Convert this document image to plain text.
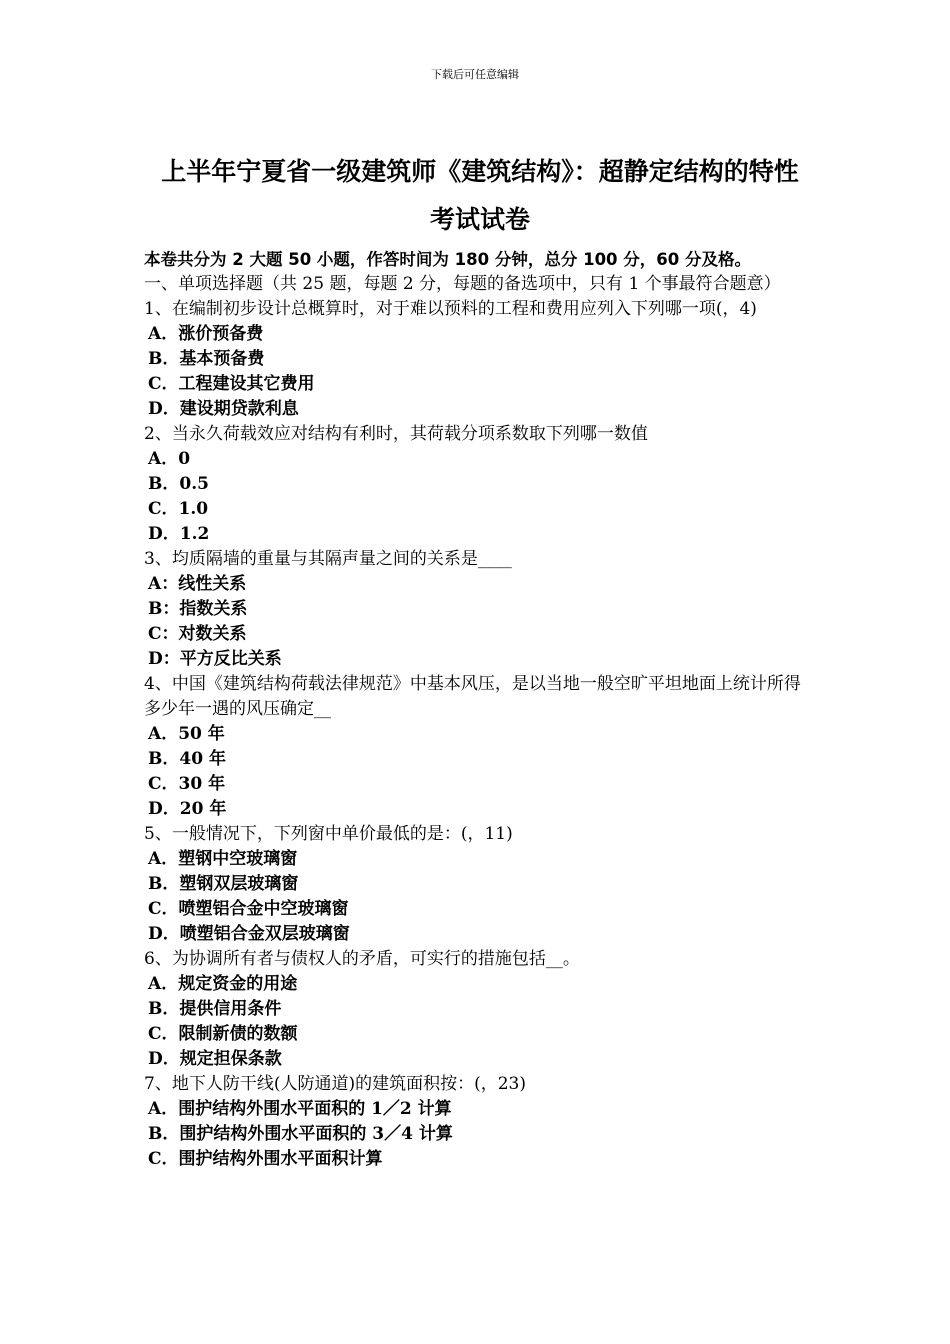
下载后可任意编辑
上半年宁夏省一级建筑师《建筑结构》：超静定结构的特性考试试卷
本卷共分为 2 大题 50 小题，作答时间为 180 分钟，总分 100 分，60 分及格。
一、单项选择题（共 25 题，每题 2 分，每题的备选项中，只有 1 个事最符合题意）
1、在编制初步设计总概算时，对于难以预料的工程和费用应列入下列哪一项(，4)
A．涨价预备费
B．基本预备费
C．工程建设其它费用
D．建设期贷款利息
2、当永久荷载效应对结构有利时，其荷载分项系数取下列哪一数值
A．0
B．0.5
C．1.0
D．1.2
3、均质隔墙的重量与其隔声量之间的关系是____
A：线性关系
B：指数关系
C：对数关系
D：平方反比关系
4、中国《建筑结构荷载法律规范》中基本风压，是以当地一般空旷平坦地面上统计所得多少年一遇的风压确定__
A．50 年
B．40 年
C．30 年
D．20 年
5、一般情况下，下列窗中单价最低的是：(，11)
A．塑钢中空玻璃窗
B．塑钢双层玻璃窗
C．喷塑铝合金中空玻璃窗
D．喷塑铝合金双层玻璃窗
6、为协调所有者与债权人的矛盾，可实行的措施包括__。
A．规定资金的用途
B．提供信用条件
C．限制新债的数额
D．规定担保条款
7、地下人防干线(人防通道)的建筑面积按：(，23)
A．围护结构外围水平面积的 1／2 计算
B．围护结构外围水平面积的 3／4 计算
C．围护结构外围水平面积计算
